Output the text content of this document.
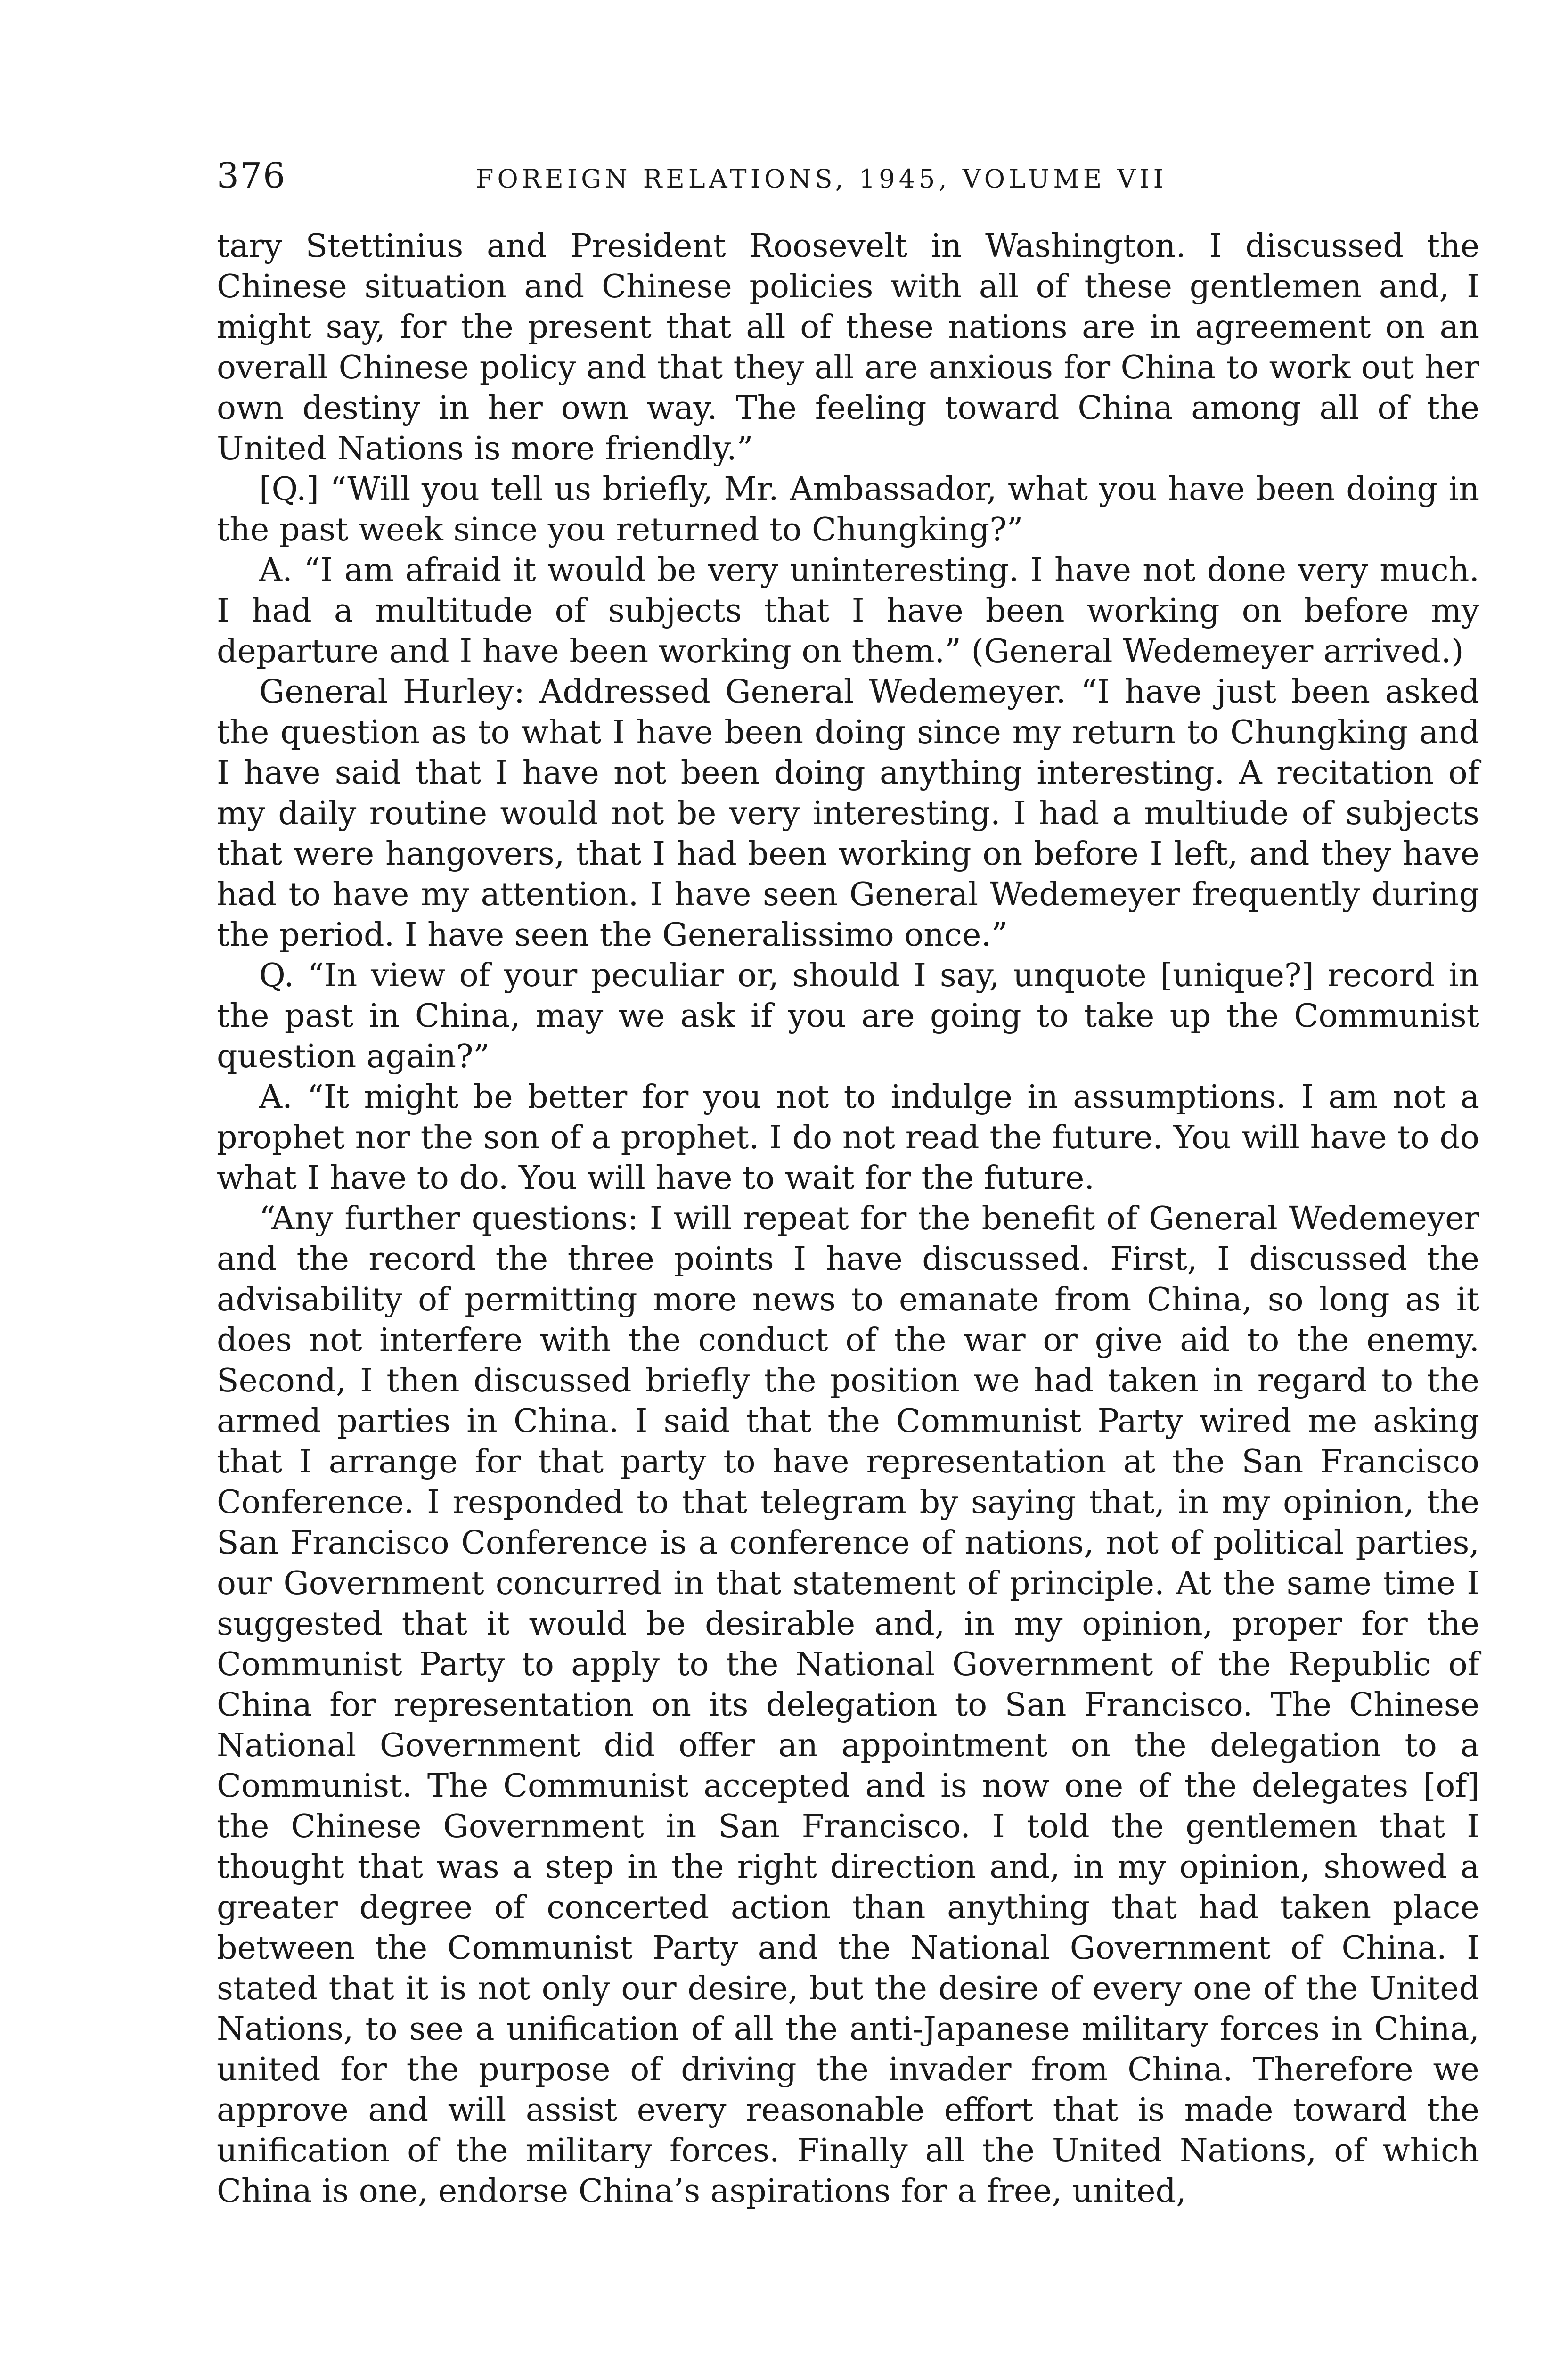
376	FOREIGN RELATIONS, 1945, VOLUME VII

tary Stettinius and President Roosevelt in Washington. I discussed the Chinese situation and Chinese policies with all of these gentlemen and, I might say, for the present that all of these nations are in agreement on an overall Chinese policy and that they all are anxious for China to work out her own destiny in her own way. The feeling toward China among all of the United Nations is more friendly.”

[Q.] “Will you tell us briefly, Mr. Ambassador, what you have been doing in the past week since you returned to Chungking?”

A. “I am afraid it would be very uninteresting. I have not done very much. I had a multitude of subjects that I have been working on before my departure and I have been working on them.” (General Wedemeyer arrived.)

General Hurley: Addressed General Wedemeyer. “I have just been asked the question as to what I have been doing since my return to Chungking and I have said that I have not been doing anything interesting. A recitation of my daily routine would not be very interesting. I had a multiude of subjects that were hangovers, that I had been working on before I left, and they have had to have my attention. I have seen General Wedemeyer frequently during the period. I have seen the Generalissimo once.”

Q. “In view of your peculiar or, should I say, unquote [unique?] record in the past in China, may we ask if you are going to take up the Communist question again?”

A. “It might be better for you not to indulge in assumptions. I am not a prophet nor the son of a prophet. I do not read the future. You will have to do what I have to do. You will have to wait for the future.

“Any further questions: I will repeat for the benefit of General Wedemeyer and the record the three points I have discussed. First, I discussed the advisability of permitting more news to emanate from China, so long as it does not interfere with the conduct of the war or give aid to the enemy. Second, I then discussed briefly the position we had taken in regard to the armed parties in China. I said that the Communist Party wired me asking that I arrange for that party to have representation at the San Francisco Conference. I responded to that telegram by saying that, in my opinion, the San Francisco Conference is a conference of nations, not of political parties, our Government concurred in that statement of principle. At the same time I suggested that it would be desirable and, in my opinion, proper for the Communist Party to apply to the National Government of the Republic of China for representation on its delegation to San Francisco. The Chinese National Government did offer an appointment on the delegation to a Communist. The Communist accepted and is now one of the delegates [of] the Chinese Government in San Francisco. I told the gentlemen that I thought that was a step in the right direction and, in my opinion, showed a greater degree of concerted action than anything that had taken place between the Communist Party and the National Government of China. I stated that it is not only our desire, but the desire of every one of the United Nations, to see a unification of all the anti-Japanese military forces in China, united for the purpose of driving the invader from China. Therefore we approve and will assist every reasonable effort that is made toward the unification of the military forces. Finally all the United Nations, of which China is one, endorse China’s aspirations for a free, united,
